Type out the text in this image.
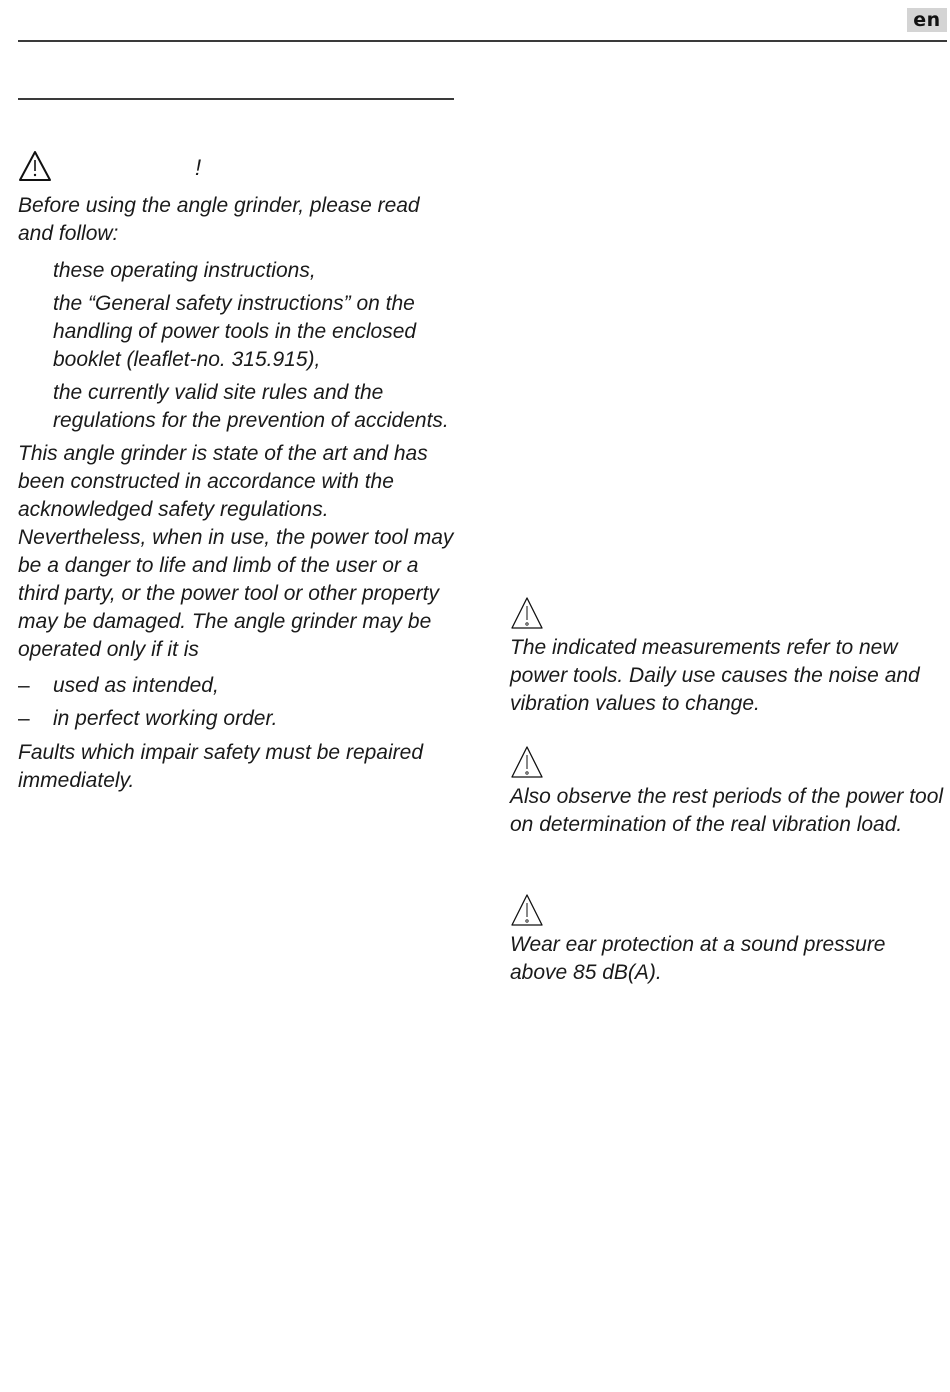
en
!

Before using the angle grinder, please read and follow:

these operating instructions,
the “General safety instructions” on the handling of power tools in the enclosed booklet (leaflet-no. 315.915),
the currently valid site rules and the regulations for the prevention of accidents.

This angle grinder is state of the art and has been constructed in accordance with the acknowledged safety regulations. Nevertheless, when in use, the power tool may be a danger to life and limb of the user or a third party, or the power tool or other property may be damaged. The angle grinder may be operated only if it is

– used as intended,
– in perfect working order.

Faults which impair safety must be repaired immediately.

The indicated measurements refer to new power tools. Daily use causes the noise and vibration values to change.

Also observe the rest periods of the power tool on determination of the real vibration load.

Wear ear protection at a sound pressure above 85 dB(A).
